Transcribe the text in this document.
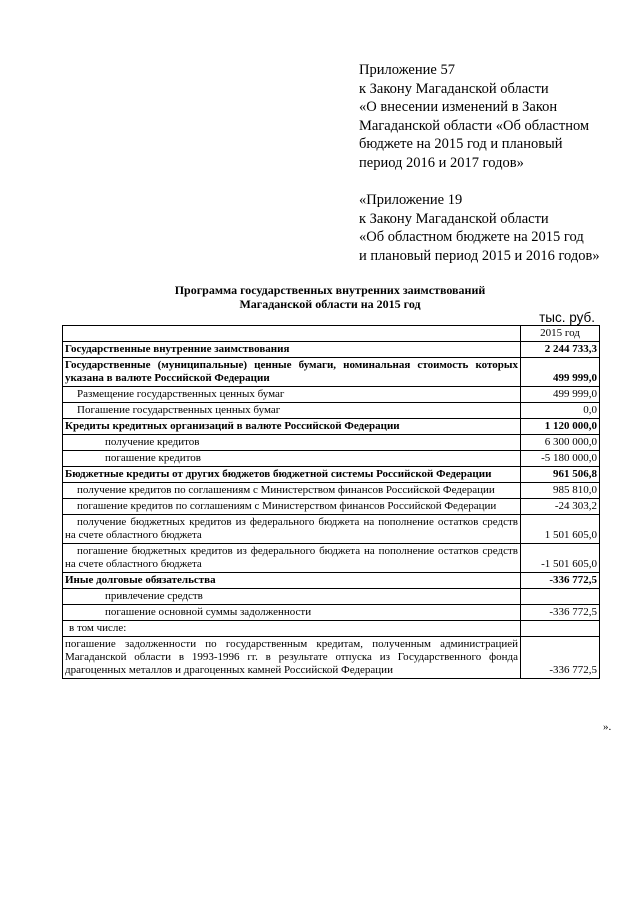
Приложение 57
к Закону Магаданской области
«О внесении изменений в Закон
Магаданской области «Об областном
бюджете на 2015 год и плановый
период 2016 и 2017 годов»
«Приложение 19
к Закону Магаданской области
«Об областном бюджете на 2015 год
и плановый период 2015 и 2016 годов»
Программа государственных внутренних заимствований
Магаданской области на 2015 год
тыс. руб.
	2015 год
Государственные внутренние заимствования	2 244 733,3
Государственные (муниципальные) ценные бумаги, номинальная стоимость которых указана в валюте Российской Федерации	499 999,0
Размещение государственных ценных бумаг	499 999,0
Погашение государственных ценных бумаг	0,0
Кредиты кредитных организаций в валюте Российской Федерации	1 120 000,0
получение кредитов	6 300 000,0
погашение кредитов	-5 180 000,0
Бюджетные кредиты от других бюджетов бюджетной системы Российской Федерации	961 506,8
получение кредитов по соглашениям с Министерством финансов Российской Федерации	985 810,0
погашение кредитов по соглашениям с Министерством финансов Российской Федерации	-24 303,2
получение бюджетных кредитов из федерального бюджета на пополнение остатков средств на счете областного бюджета	1 501 605,0
погашение бюджетных кредитов из федерального бюджета на пополнение остатков средств на счете областного бюджета	-1 501 605,0
Иные долговые обязательства	-336 772,5
привлечение средств	
погашение основной суммы задолженности	-336 772,5
в том числе:	
погашение задолженности по государственным кредитам, полученным администрацией Магаданской области в 1993-1996 гг. в результате отпуска из Государственного фонда драгоценных металлов и драгоценных камней Российской Федерации	-336 772,5
».
